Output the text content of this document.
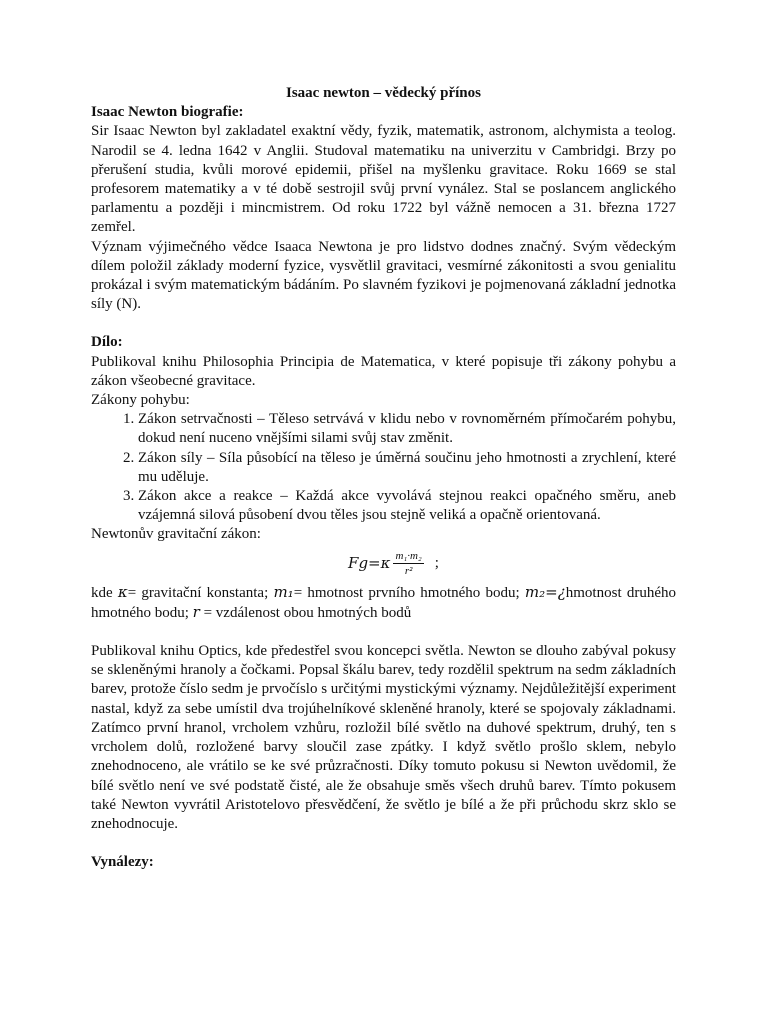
Isaac newton – vědecký přínos

Isaac Newton biografie:

Sir Isaac Newton byl zakladatel exaktní vědy, fyzik, matematik, astronom, alchymista a teolog. Narodil se 4. ledna 1642 v Anglii. Studoval matematiku na univerzitu v Cambridgi. Brzy po přerušení studia, kvůli morové epidemii, přišel na myšlenku gravitace. Roku 1669 se stal profesorem matematiky a v té době sestrojil svůj první vynález. Stal se poslancem anglického parlamentu a později i mincmistrem. Od roku 1722 byl vážně nemocen a 31. března 1727 zemřel.

Význam výjimečného vědce Isaaca Newtona je pro lidstvo dodnes značný. Svým vědeckým dílem položil základy moderní fyzice, vysvětlil gravitaci, vesmírné zákonitosti a svou genialitu prokázal i svým matematickým bádáním. Po slavném fyzikovi je pojmenovaná základní jednotka síly (N).

Dílo:

Publikoval knihu Philosophia Principia de Matematica, v které popisuje tři zákony pohybu a zákon všeobecné gravitace.

Zákony pohybu:

1. Zákon setrvačnosti – Těleso setrvává v klidu nebo v rovnoměrném přímočarém pohybu, dokud není nuceno vnějšími silami svůj stav změnit.
2. Zákon síly – Síla působící na těleso je úměrná součinu jeho hmotnosti a zrychlení, které mu uděluje.
3. Zákon akce a reakce – Každá akce vyvolává stejnou reakci opačného směru, aneb vzájemná silová působení dvou těles jsou stejně veliká a opačně orientovaná.

Newtonův gravitační zákon:

$Fg=\kappa \frac{\text{m₁·m₂}}{\text{r²}}$ ;

kde κ= gravitační konstanta; m₁= hmotnost prvního hmotného bodu; m₂=¿hmotnost druhého hmotného bodu; r = vzdálenost obou hmotných bodů

Publikoval knihu Optics, kde předestřel svou koncepci světla. Newton se dlouho zabýval pokusy se skleněnými hranoly a čočkami. Popsal škálu barev, tedy rozdělil spektrum na sedm základních barev, protože číslo sedm je prvočíslo s určitými mystickými významy. Nejdůležitější experiment nastal, když za sebe umístil dva trojúhelníkové skleněné hranoly, které se spojovaly základnami. Zatímco první hranol, vrcholem vzhůru, rozložil bílé světlo na duhové spektrum, druhý, ten s vrcholem dolů, rozložené barvy sloučil zase zpátky. I když světlo prošlo sklem, nebylo znehodnoceno, ale vrátilo se ke své průzračnosti. Díky tomuto pokusu si Newton uvědomil, že bílé světlo není ve své podstatě čisté, ale že obsahuje směs všech druhů barev. Tímto pokusem také Newton vyvrátil Aristotelovo přesvědčení, že světlo je bílé a že při průchodu skrz sklo se znehodnocuje.

Vynálezy:
